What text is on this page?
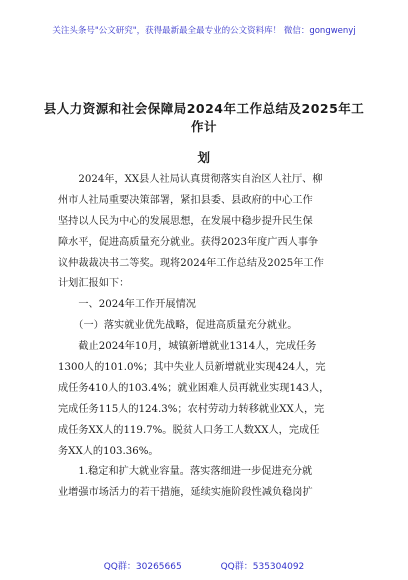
关注头条号"公文研究"，获得最新最全最专业的公文资料库！ 微信：gongwenyj
县人力资源和社会保障局2024年工作总结及2025年工作计
划
　　2024年，XX县人社局认真贯彻落实自治区人社厅、柳
州市人社局重要决策部署，紧扣县委、县政府的中心工作
坚持以人民为中心的发展思想，在发展中稳步提升民生保
障水平，促进高质量充分就业。获得2023年度广西人事争
议仲裁裁决书二等奖。现将2024年工作总结及2025年工作
计划汇报如下：
　　一、2024年工作开展情况
　　（一）落实就业优先战略，促进高质量充分就业。
　　截止2024年10月，城镇新增就业1314人，完成任务
1300人的101.0%；其中失业人员新增就业实现424人，完
成任务410人的103.4%；就业困难人员再就业实现143人，
完成任务115人的124.3%；农村劳动力转移就业XX人，完
成任务XX人的119.7%。脱贫人口务工人数XX人，完成任
务XX人的103.36%。
　　1.稳定和扩大就业容量。落实落细进一步促进充分就
业增强市场活力的若干措施，延续实施阶段性减负稳岗扩
QQ群：30265665	QQ群：535304092
